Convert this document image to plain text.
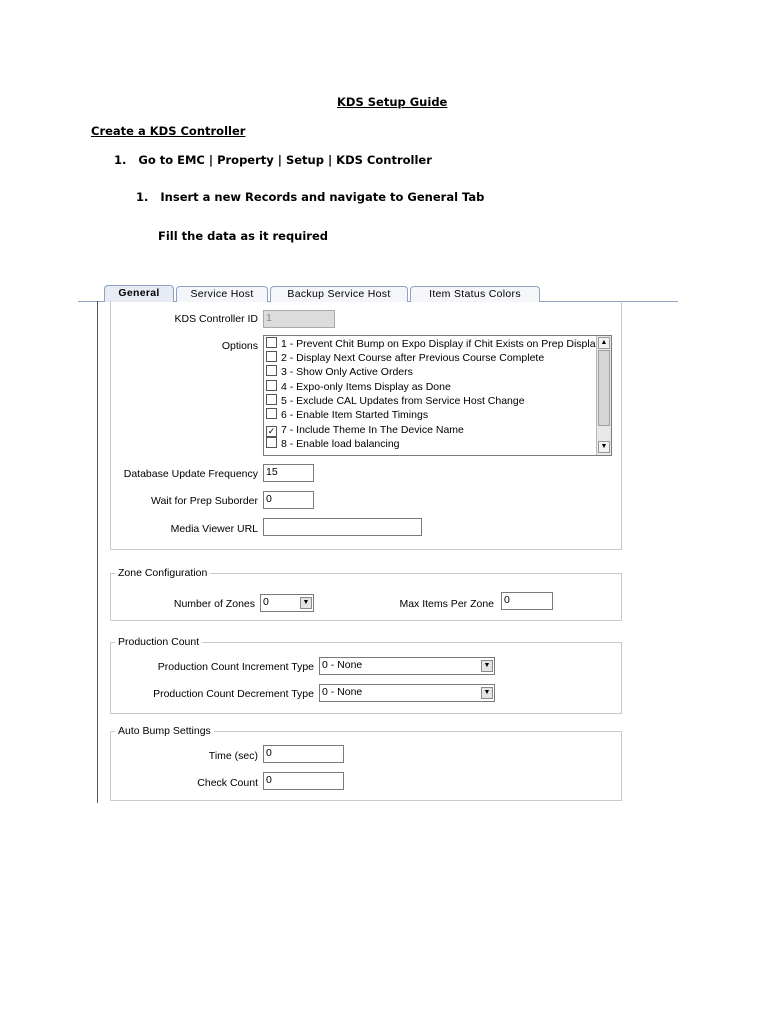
KDS Setup Guide
Create a KDS Controller
1.   Go to EMC | Property | Setup | KDS Controller
1.   Insert a new Records and navigate to General Tab
Fill the data as it required
General	Service Host	Backup Service Host	Item Status Colors
KDS Controller ID 1
Options	1 - Prevent Chit Bump on Expo Display if Chit Exists on Prep Displa
2 - Display Next Course after Previous Course Complete
3 - Show Only Active Orders
4 - Expo-only Items Display as Done
5 - Exclude CAL Updates from Service Host Change
6 - Enable Item Started Timings
✓ 7 - Include Theme In The Device Name
8 - Enable load balancing
▲
▼
Database Update Frequency 15
Wait for Prep Suborder 0
Media Viewer URL
Zone Configuration
Number of Zones 0	▼	Max Items Per Zone 0
Production Count
Production Count Increment Type 0 - None	▼
Production Count Decrement Type 0 - None	▼
Auto Bump Settings
Time (sec) 0
Check Count 0
